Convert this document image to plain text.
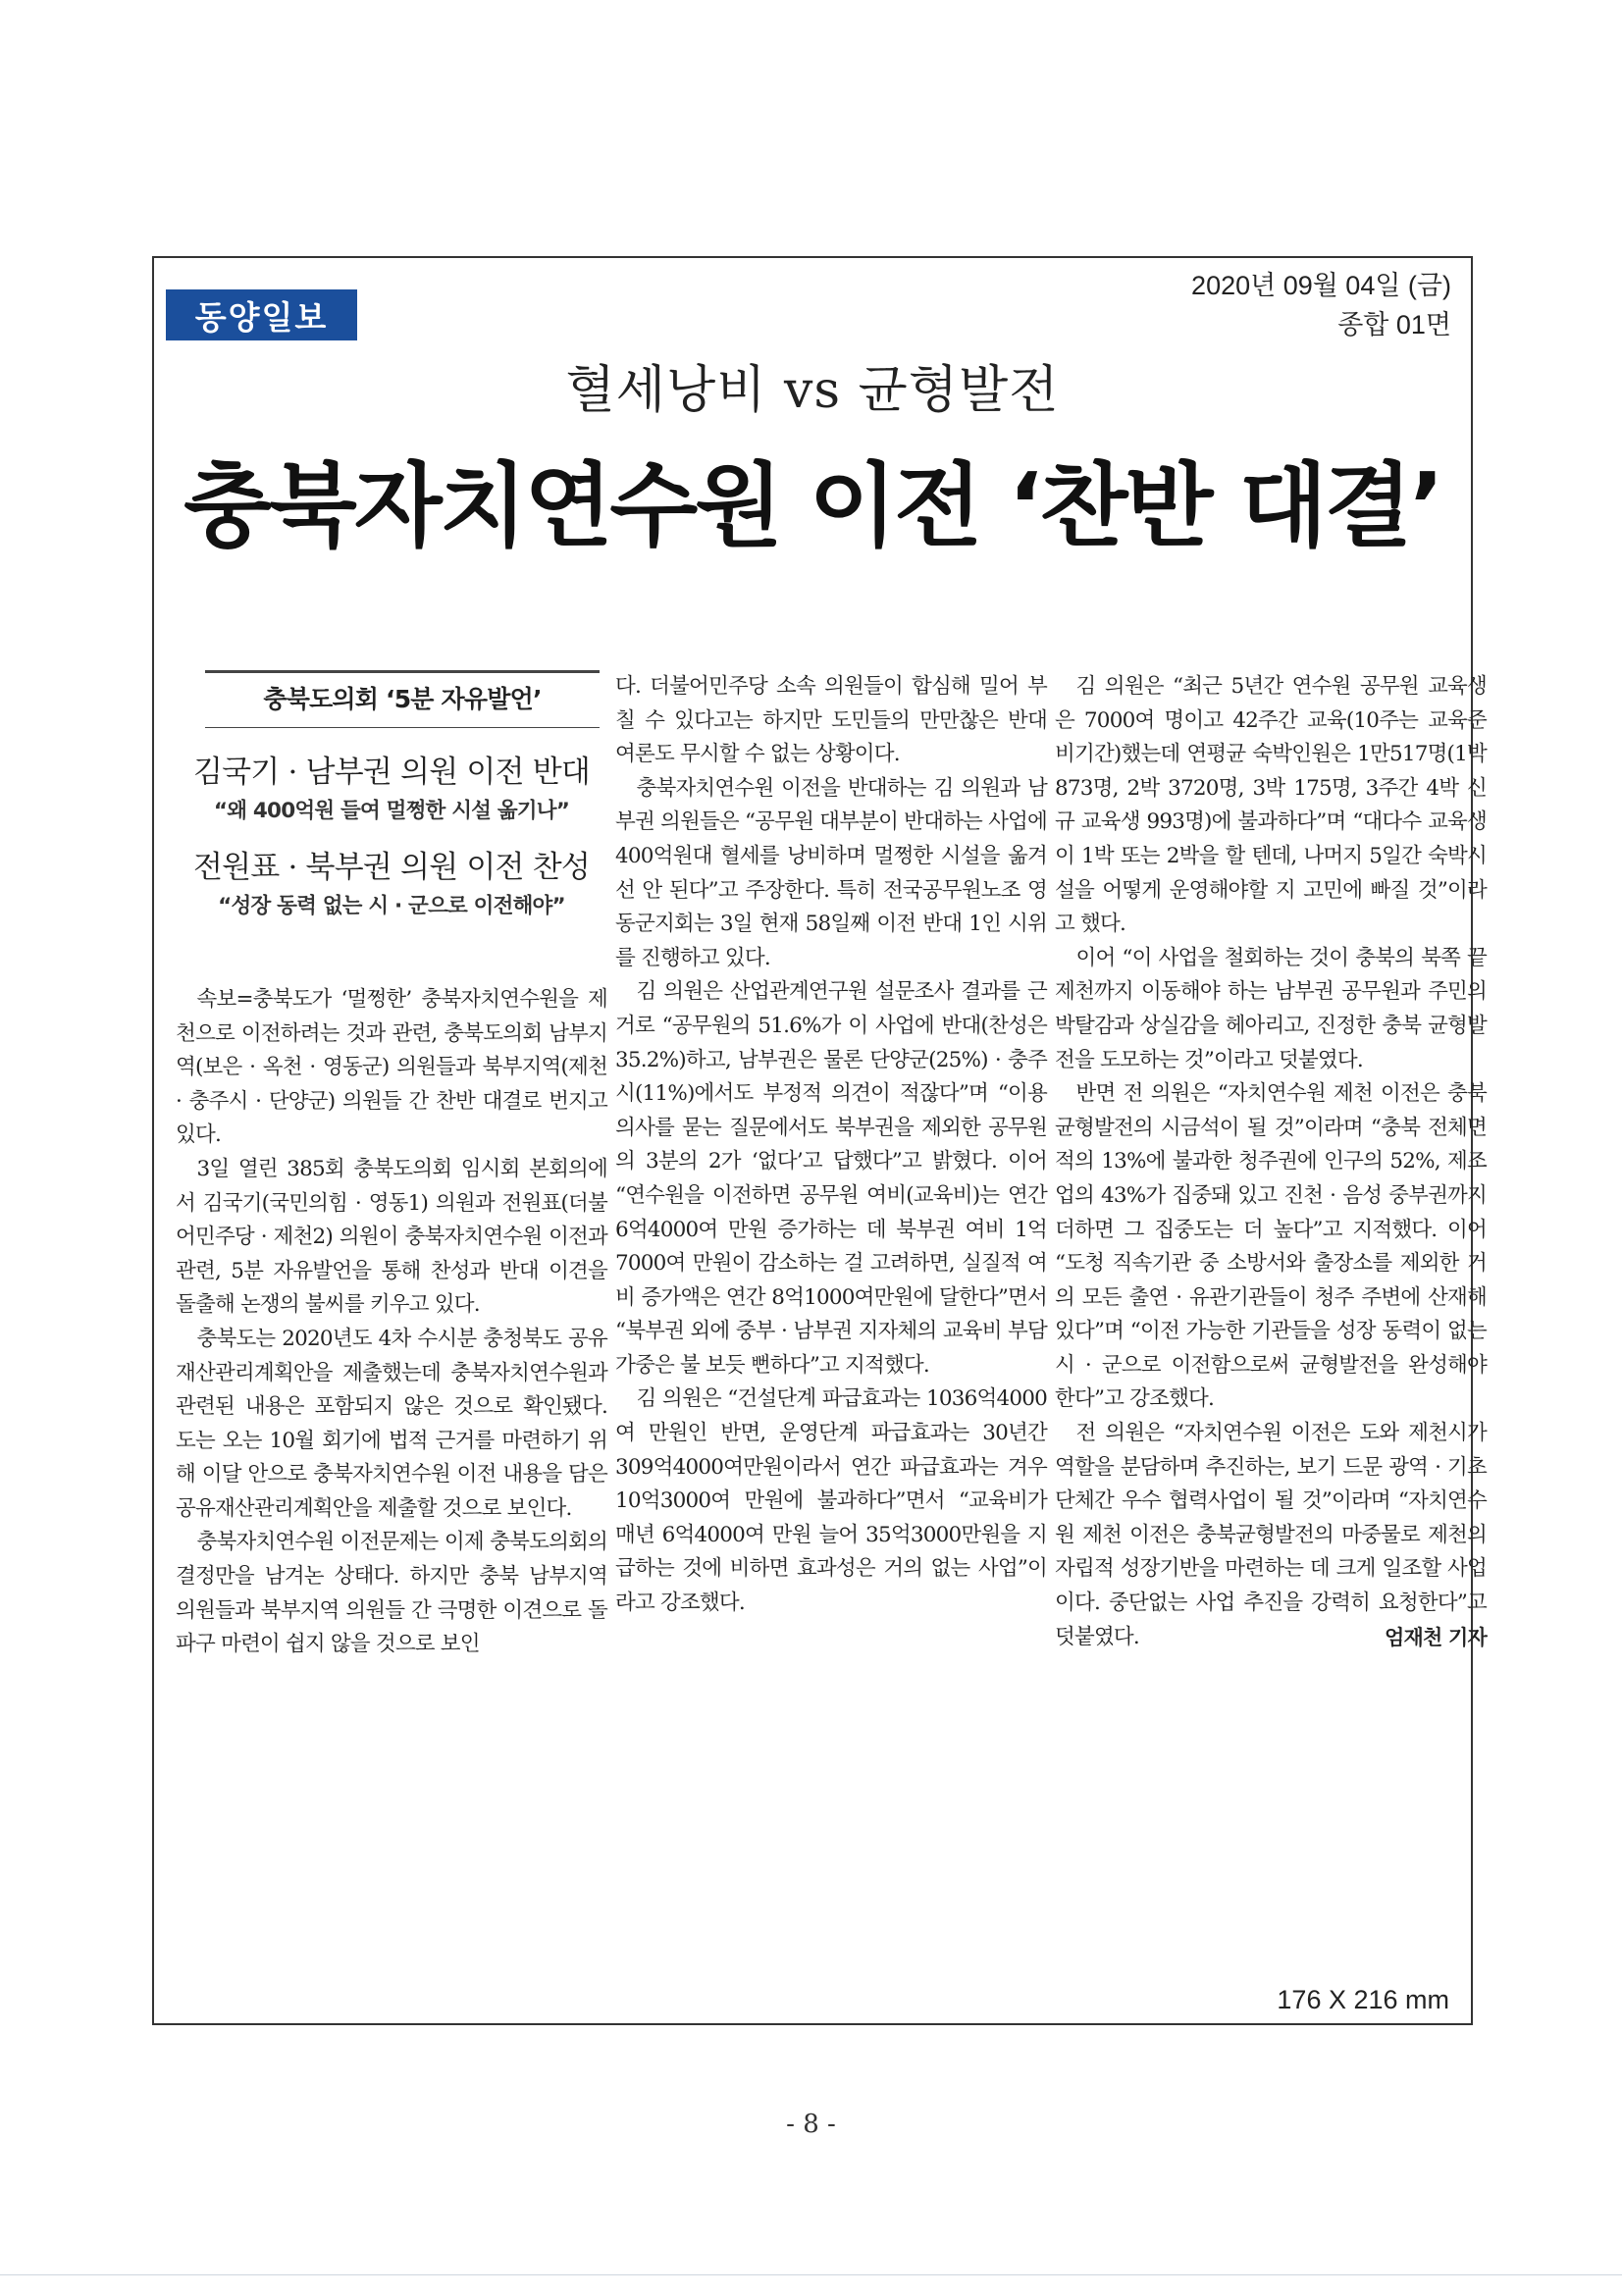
2020년 09월 04일 (금)
종합 01면
동양일보
혈세낭비 vs 균형발전
충북자치연수원 이전 ‘찬반 대결’
충북도의회 ‘5분 자유발언’
김국기 · 남부권 의원 이전 반대
“왜 400억원 들여 멀쩡한 시설 옮기나”
전원표 · 북부권 의원 이전 찬성
“성장 동력 없는 시 · 군으로 이전해야”

속보=충북도가 ‘멀쩡한’ 충북자치연수원을 제천으로 이전하려는 것과 관련, 충북도의회 남부지역(보은 · 옥천 · 영동군) 의원들과 북부지역(제천 · 충주시 · 단양군) 의원들 간 찬반 대결로 번지고 있다.

3일 열린 385회 충북도의회 임시회 본회의에서 김국기(국민의힘 · 영동1) 의원과 전원표(더불어민주당 · 제천2) 의원이 충북자치연수원 이전과 관련, 5분 자유발언을 통해 찬성과 반대 이견을 돌출해 논쟁의 불씨를 키우고 있다.

충북도는 2020년도 4차 수시분 충청북도 공유재산관리계획안을 제출했는데 충북자치연수원과 관련된 내용은 포함되지 않은 것으로 확인됐다. 도는 오는 10월 회기에 법적 근거를 마련하기 위해 이달 안으로 충북자치연수원 이전 내용을 담은 공유재산관리계획안을 제출할 것으로 보인다.

충북자치연수원 이전문제는 이제 충북도의회의 결정만을 남겨논 상태다. 하지만 충북 남부지역 의원들과 북부지역 의원들 간 극명한 이견으로 돌파구 마련이 쉽지 않을 것으로 보인

다. 더불어민주당 소속 의원들이 합심해 밀어 부칠 수 있다고는 하지만 도민들의 만만찮은 반대 여론도 무시할 수 없는 상황이다.

충북자치연수원 이전을 반대하는 김 의원과 남부권 의원들은 “공무원 대부분이 반대하는 사업에 400억원대 혈세를 낭비하며 멀쩡한 시설을 옮겨선 안 된다”고 주장한다. 특히 전국공무원노조 영동군지회는 3일 현재 58일째 이전 반대 1인 시위를 진행하고 있다.

김 의원은 산업관계연구원 설문조사 결과를 근거로 “공무원의 51.6%가 이 사업에 반대(찬성은 35.2%)하고, 남부권은 물론 단양군(25%) · 충주시(11%)에서도 부정적 의견이 적잖다”며 “이용 의사를 묻는 질문에서도 북부권을 제외한 공무원의 3분의 2가 ‘없다’고 답했다”고 밝혔다. 이어 “연수원을 이전하면 공무원 여비(교육비)는 연간 6억4000여 만원 증가하는 데 북부권 여비 1억7000여 만원이 감소하는 걸 고려하면, 실질적 여비 증가액은 연간 8억1000여만원에 달한다”면서 “북부권 외에 중부 · 남부권 지자체의 교육비 부담 가중은 불 보듯 뻔하다”고 지적했다.

김 의원은 “건설단계 파급효과는 1036억4000여 만원인 반면, 운영단계 파급효과는 30년간 309억4000여만원이라서 연간 파급효과는 겨우 10억3000여 만원에 불과하다”면서 “교육비가 매년 6억4000여 만원 늘어 35억3000만원을 지급하는 것에 비하면 효과성은 거의 없는 사업”이라고 강조했다.

김 의원은 “최근 5년간 연수원 공무원 교육생은 7000여 명이고 42주간 교육(10주는 교육준비기간)했는데 연평균 숙박인원은 1만517명(1박 873명, 2박 3720명, 3박 175명, 3주간 4박 신규 교육생 993명)에 불과하다”며 “대다수 교육생이 1박 또는 2박을 할 텐데, 나머지 5일간 숙박시설을 어떻게 운영해야할 지 고민에 빠질 것”이라고 했다.

이어 “이 사업을 철회하는 것이 충북의 북쪽 끝 제천까지 이동해야 하는 남부권 공무원과 주민의 박탈감과 상실감을 헤아리고, 진정한 충북 균형발전을 도모하는 것”이라고 덧붙였다.

반면 전 의원은 “자치연수원 제천 이전은 충북 균형발전의 시금석이 될 것”이라며 “충북 전체면적의 13%에 불과한 청주권에 인구의 52%, 제조업의 43%가 집중돼 있고 진천 · 음성 중부권까지 더하면 그 집중도는 더 높다”고 지적했다. 이어 “도청 직속기관 중 소방서와 출장소를 제외한 거의 모든 출연 · 유관기관들이 청주 주변에 산재해 있다”며 “이전 가능한 기관들을 성장 동력이 없는 시 · 군으로 이전함으로써 균형발전을 완성해야 한다”고 강조했다.

전 의원은 “자치연수원 이전은 도와 제천시가 역할을 분담하며 추진하는, 보기 드문 광역 · 기초단체간 우수 협력사업이 될 것”이라며 “자치연수원 제천 이전은 충북균형발전의 마중물로 제천의 자립적 성장기반을 마련하는 데 크게 일조할 사업이다. 중단없는 사업 추진을 강력히 요청한다”고 덧붙였다.	엄재천 기자
176 X 216 mm
- 8 -
